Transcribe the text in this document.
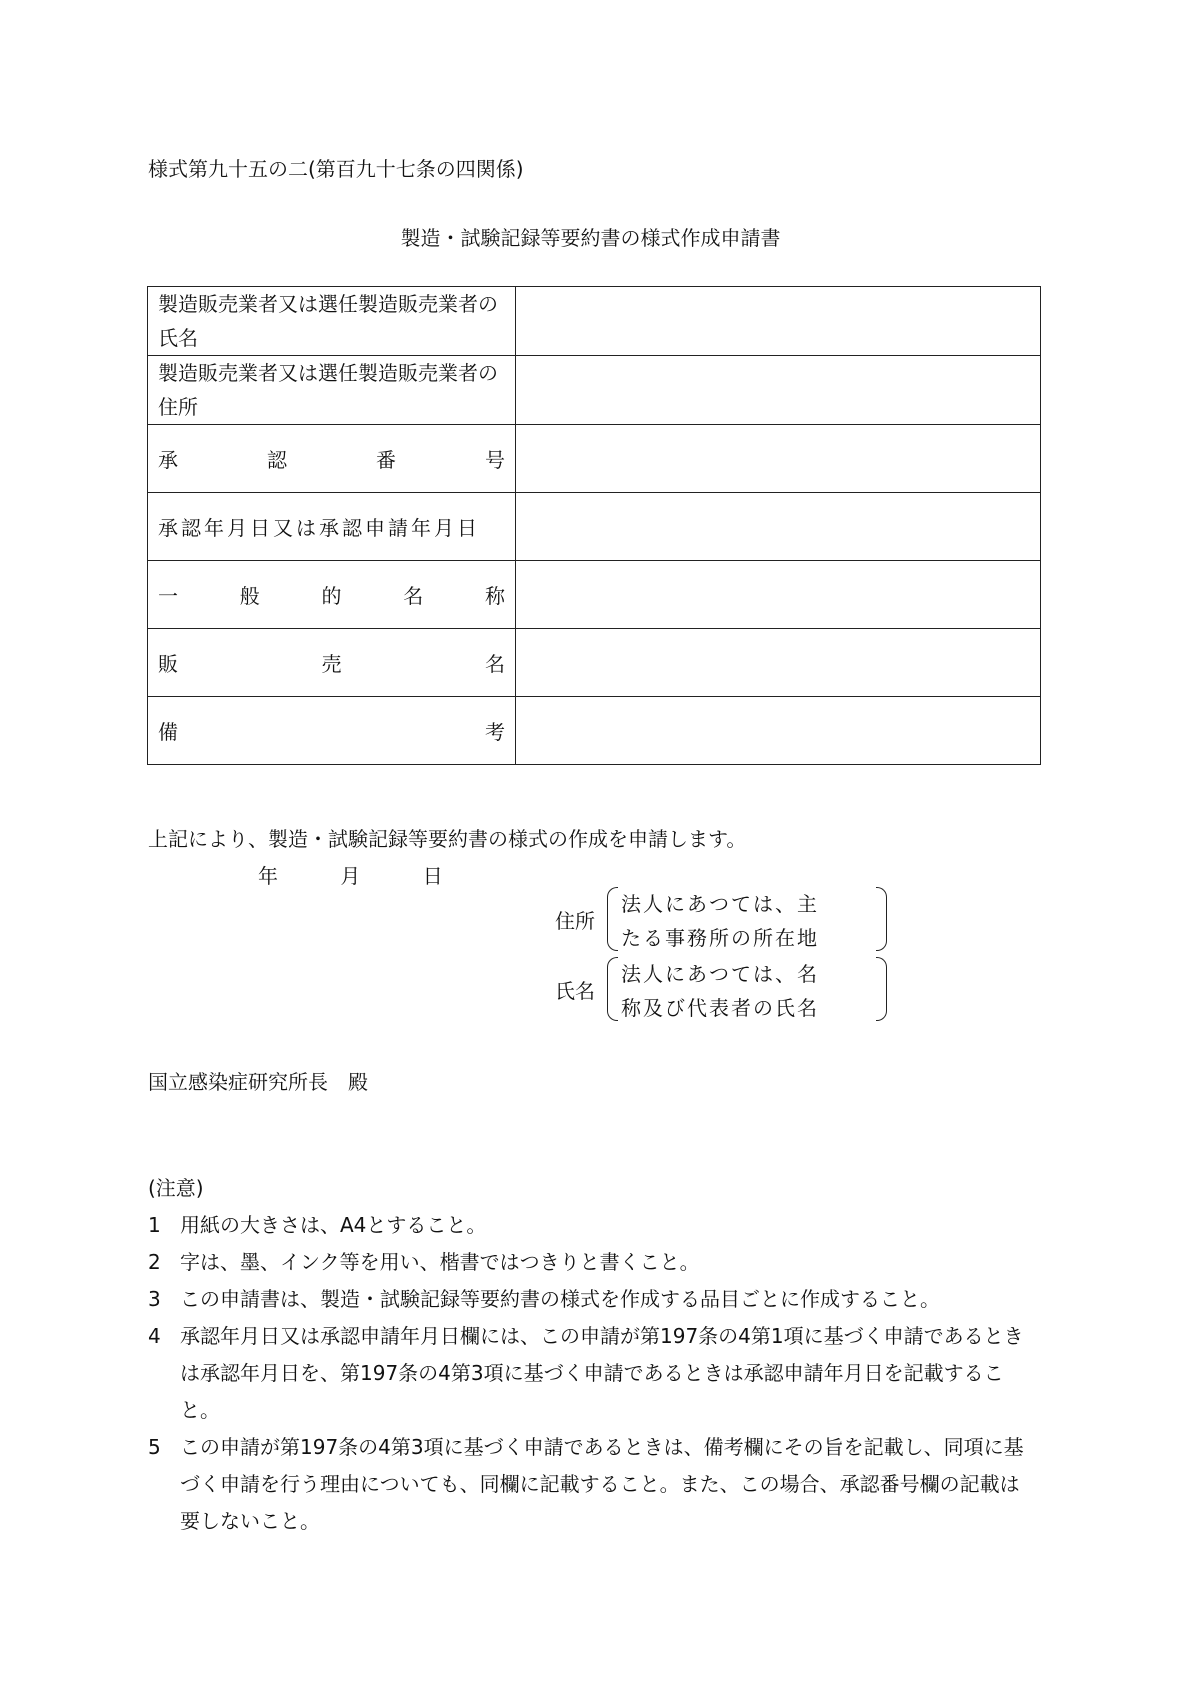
様式第九十五の二(第百九十七条の四関係)
製造・試験記録等要約書の様式作成申請書
製造販売業者又は選任製造販売業者の氏名	

製造販売業者又は選任製造販売業者の住所	

承 認 番 号	

承認年月日又は承認申請年月日	

一 般 的 名 称	

販 売 名	

備 考	

上記により、製造・試験記録等要約書の様式の作成を申請します。
年	月	日
住所
法人にあつては、主
たる事務所の所在地
氏名
法人にあつては、名
称及び代表者の氏名
国立感染症研究所長　殿
(注意)
1 用紙の大きさは、A4とすること。
2 字は、墨、インク等を用い、楷書ではつきりと書くこと。
3 この申請書は、製造・試験記録等要約書の様式を作成する品目ごとに作成すること。
4 承認年月日又は承認申請年月日欄には、この申請が第197条の4第1項に基づく申請であるときは承認年月日を、第197条の4第3項に基づく申請であるときは承認申請年月日を記載すること。
5 この申請が第197条の4第3項に基づく申請であるときは、備考欄にその旨を記載し、同項に基づく申請を行う理由についても、同欄に記載すること。また、この場合、承認番号欄の記載は要しないこと。
